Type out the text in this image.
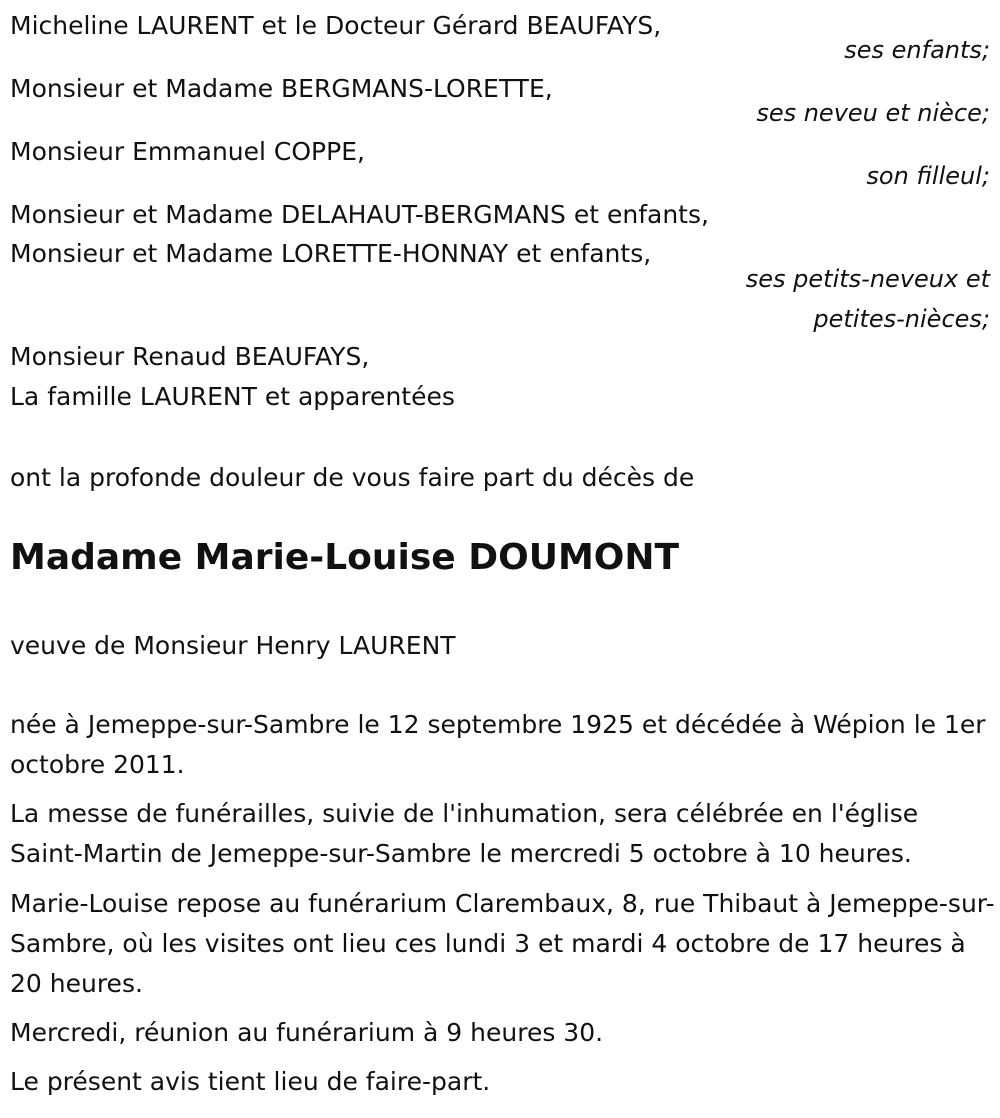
Micheline LAURENT et le Docteur Gérard BEAUFAYS,
ses enfants;
Monsieur et Madame BERGMANS-LORETTE,
ses neveu et nièce;
Monsieur Emmanuel COPPE,
son filleul;
Monsieur et Madame DELAHAUT-BERGMANS et enfants,
Monsieur et Madame LORETTE-HONNAY et enfants,
ses petits-neveux et
petites-nièces;
Monsieur Renaud BEAUFAYS,
La famille LAURENT et apparentées
ont la profonde douleur de vous faire part du décès de
Madame Marie-Louise DOUMONT
veuve de Monsieur Henry LAURENT
née à Jemeppe-sur-Sambre le 12 septembre 1925 et décédée à Wépion le 1er octobre 2011.
La messe de funérailles, suivie de l'inhumation, sera célébrée en l'église Saint-Martin de Jemeppe-sur-Sambre le mercredi 5 octobre à 10 heures.
Marie-Louise repose au funérarium Clarembaux, 8, rue Thibaut à Jemeppe-sur-Sambre, où les visites ont lieu ces lundi 3 et mardi 4 octobre de 17 heures à 20 heures.
Mercredi, réunion au funérarium à 9 heures 30.
Le présent avis tient lieu de faire-part.
